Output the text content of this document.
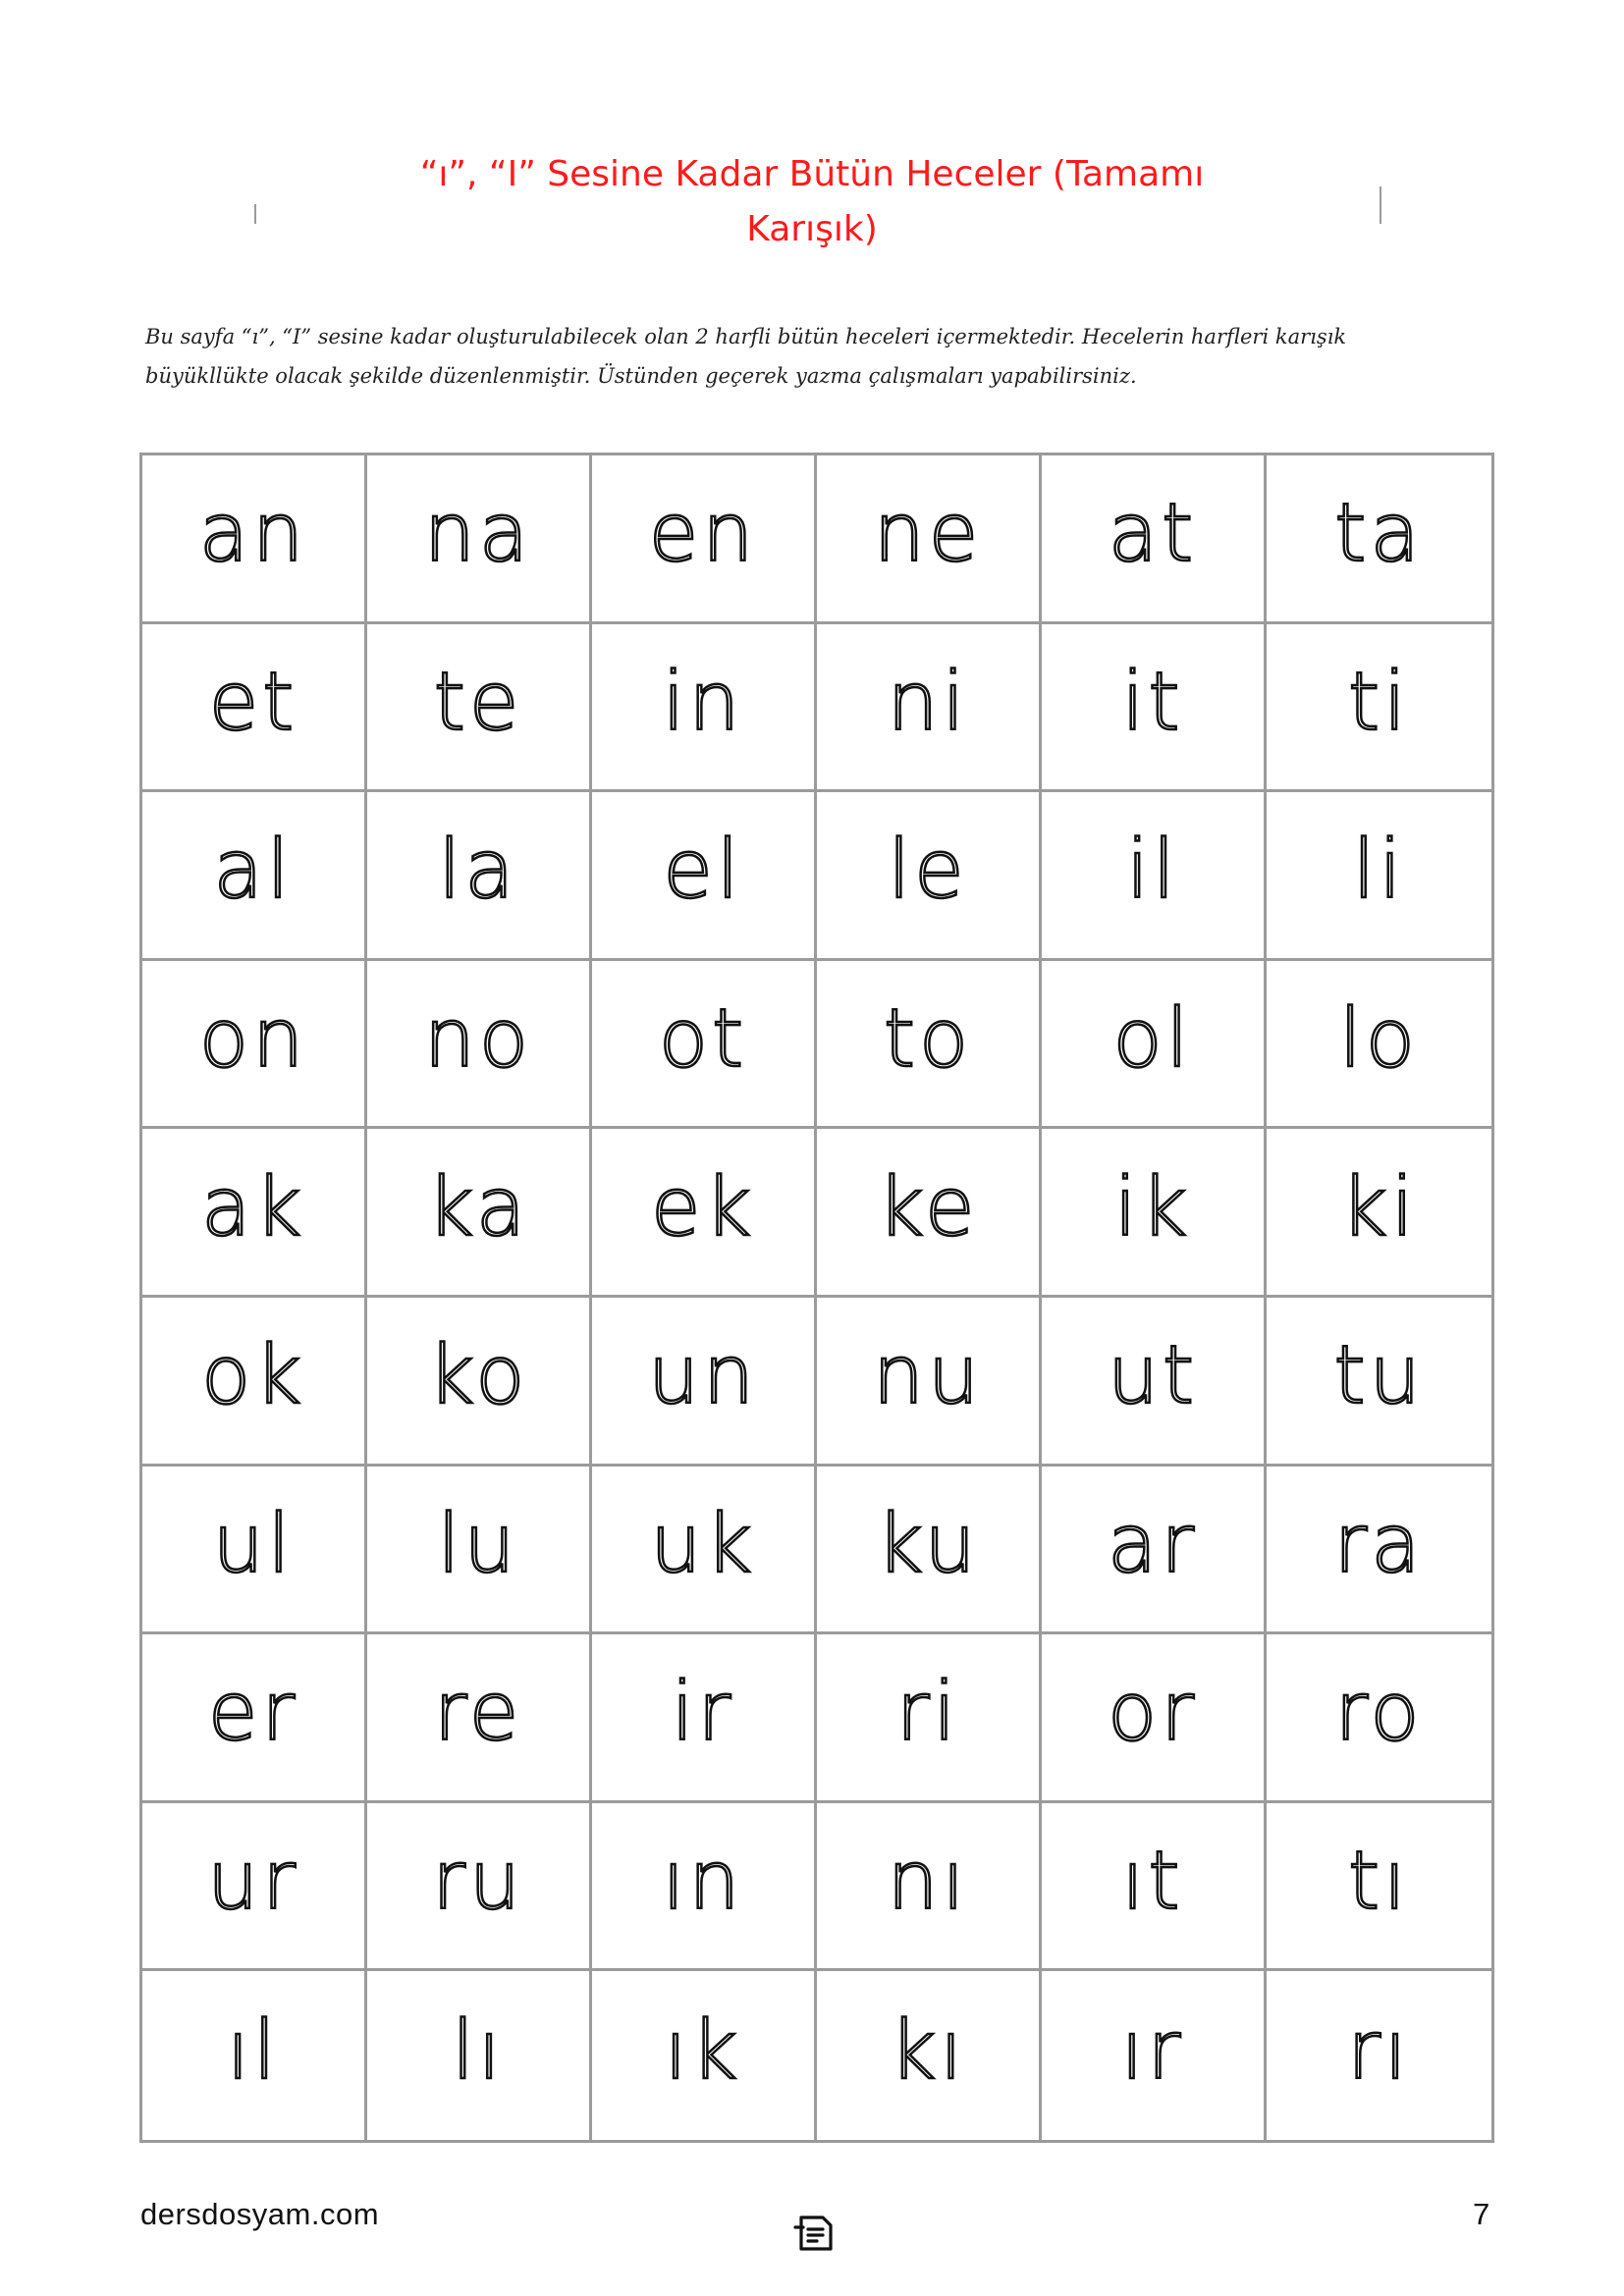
“ı”, “I” Sesine Kadar Bütün Heceler (Tamamı
Karışık)

Bu sayfa “ı”, “I” sesine kadar oluşturulabilecek olan 2 harfli bütün heceleri içermektedir. Hecelerin harfleri karışık
büyükllükte olacak şekilde düzenlenmiştir. Üstünden geçerek yazma çalışmaları yapabilirsiniz.

an na en ne at ta
et te in ni it ti
al la el le il li
on no ot to ol lo
ak ka ek ke ik ki
ok ko un nu ut tu
ul lu uk ku ar ra
er re ir ri or ro
ur ru ın nı ıt tı
ıl lı ık kı ır rı
dersdosyam.com	7
